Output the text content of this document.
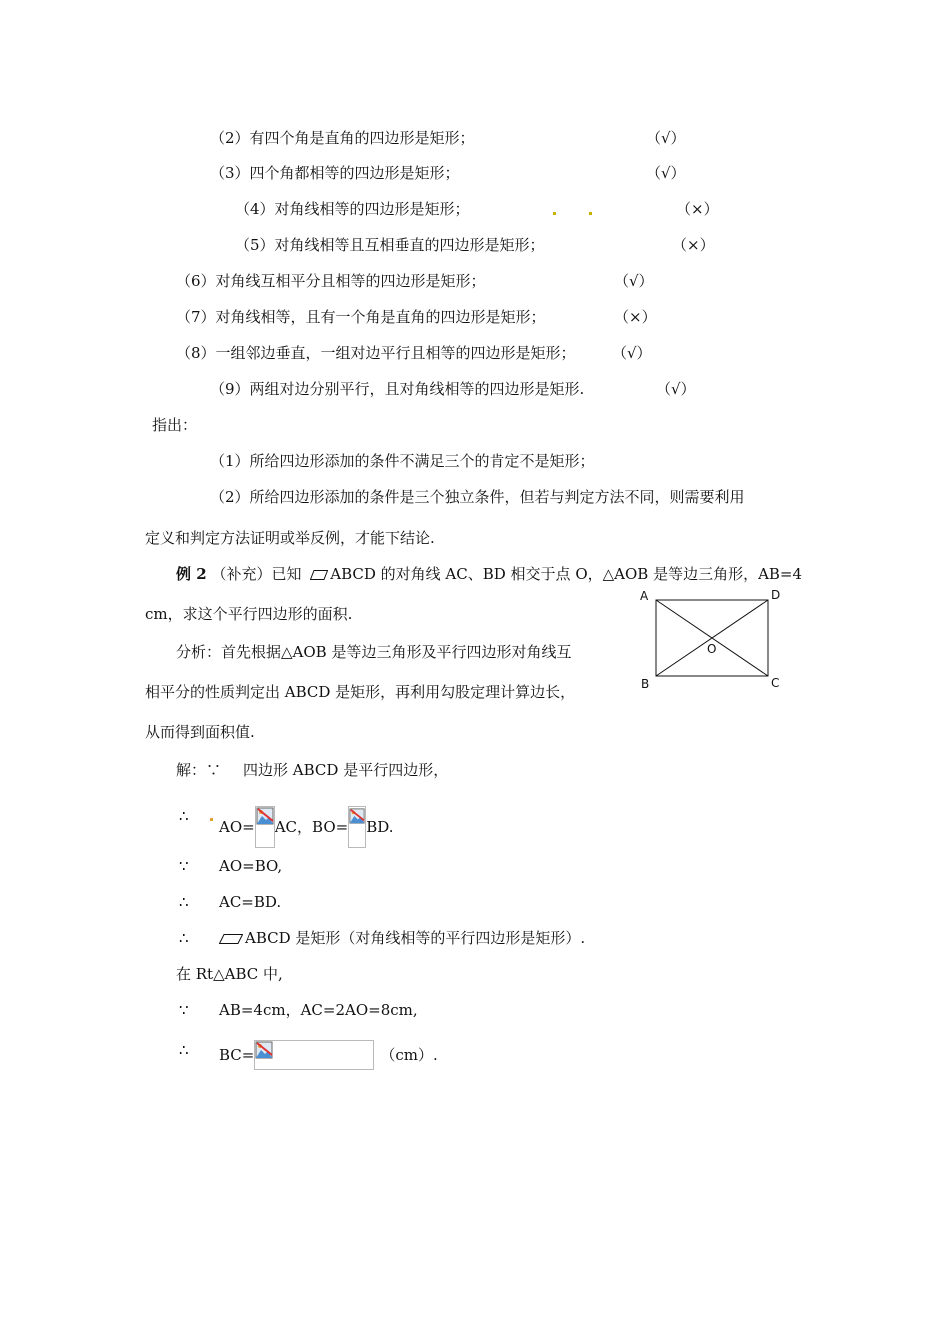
（2）有四个角是直角的四边形是矩形；	（√）
（3）四个角都相等的四边形是矩形；	（√）
（4）对角线相等的四边形是矩形；	（×）
（5）对角线相等且互相垂直的四边形是矩形；	（×）
（6）对角线互相平分且相等的四边形是矩形；	（√）
（7）对角线相等，且有一个角是直角的四边形是矩形；	（×）
（8）一组邻边垂直，一组对边平行且相等的四边形是矩形； （√）
（9）两组对边分别平行，且对角线相等的四边形是矩形.	（√）
指出：
（1）所给四边形添加的条件不满足三个的肯定不是矩形；
（2）所给四边形添加的条件是三个独立条件，但若与判定方法不同，则需要利用
定义和判定方法证明或举反例，才能下结论.
例 2 （补充）已知 ABCD 的对角线 AC、BD 相交于点 O，△AOB 是等边三角形，AB=4
cm，求这个平行四边形的面积.
分析：首先根据△AOB 是等边三角形及平行四边形对角线互
相平分的性质判定出 ABCD 是矩形，再利用勾股定理计算边长，
从而得到面积值.
A	D
B	C
O
解：∵ 四边形 ABCD 是平行四边形，
∴
AO= AC，BO= BD.
∵ AO=BO,
∴ AC=BD.
∴	ABCD 是矩形（对角线相等的平行四边形是矩形）.
在 Rt△ABC 中,
∵ AB=4cm，AC=2AO=8cm,
∴ BC=	（cm）.
